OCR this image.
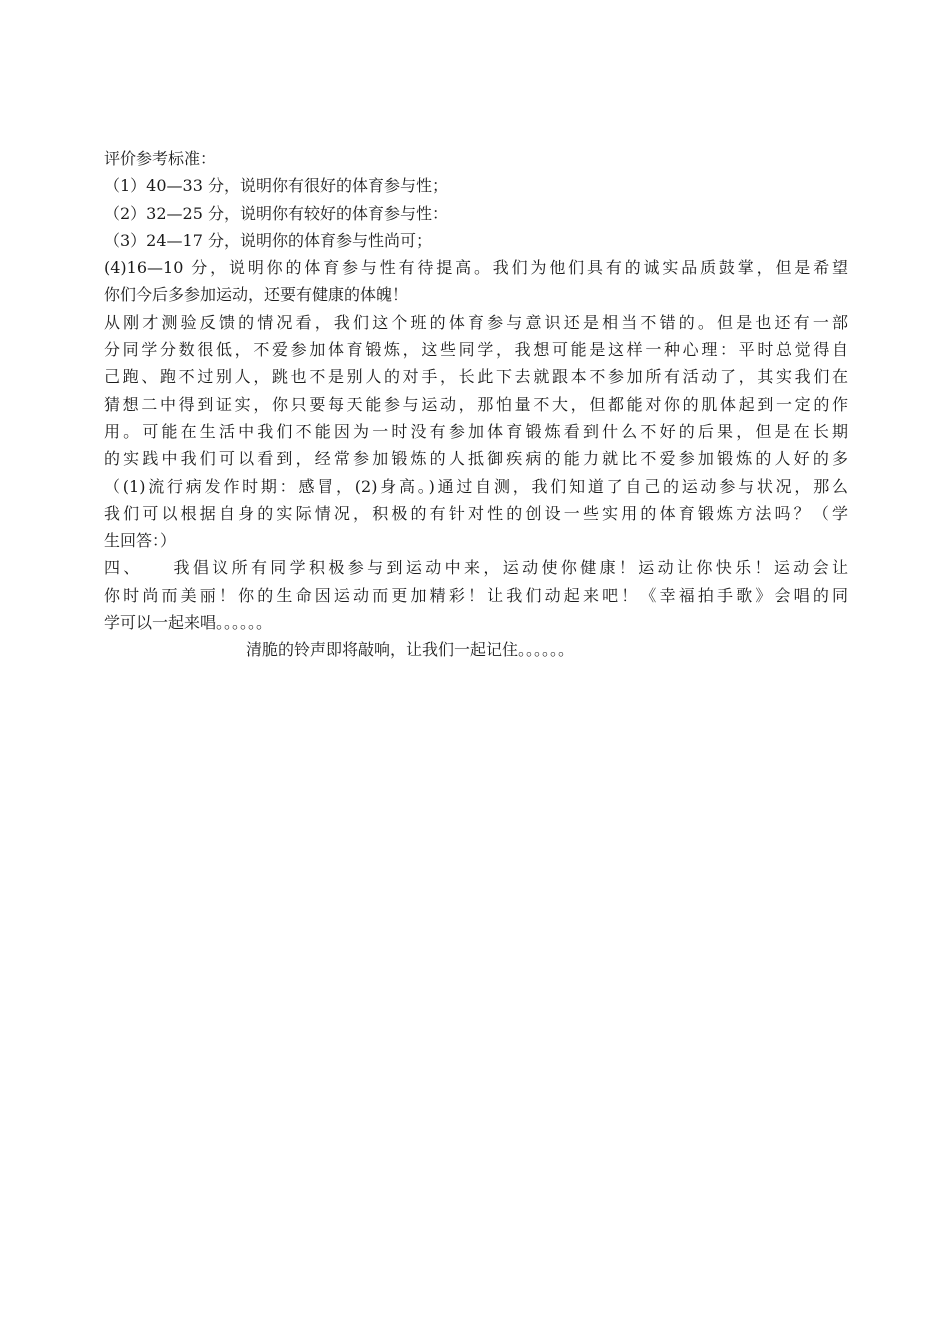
评价参考标准：

（1）40—33 分，说明你有很好的体育参与性；

（2）32—25 分，说明你有较好的体育参与性：

（3）24—17 分，说明你的体育参与性尚可；

(4)16—10 分，说明你的体育参与性有待提高。我们为他们具有的诚实品质鼓掌，但是希望

你们今后多参加运动，还要有健康的体魄！

从刚才测验反馈的情况看，我们这个班的体育参与意识还是相当不错的。但是也还有一部

分同学分数很低，不爱参加体育锻炼，这些同学，我想可能是这样一种心理：平时总觉得自

己跑、跑不过别人，跳也不是别人的对手，长此下去就跟本不参加所有活动了，其实我们在

猜想二中得到证实，你只要每天能参与运动，那怕量不大，但都能对你的肌体起到一定的作

用。可能在生活中我们不能因为一时没有参加体育锻炼看到什么不好的后果，但是在长期

的实践中我们可以看到，经常参加锻炼的人抵御疾病的能力就比不爱参加锻炼的人好的多

（(1)流行病发作时期：感冒，(2)身高。)通过自测，我们知道了自己的运动参与状况，那么

我们可以根据自身的实际情况，积极的有针对性的创设一些实用的体育锻炼方法吗？（学

生回答：）

四、　　我倡议所有同学积极参与到运动中来，运动使你健康！运动让你快乐！运动会让

你时尚而美丽！你的生命因运动而更加精彩！让我们动起来吧！《幸福拍手歌》会唱的同

学可以一起来唱。。。。。。

清脆的铃声即将敲响，让我们一起记住。。。。。。
